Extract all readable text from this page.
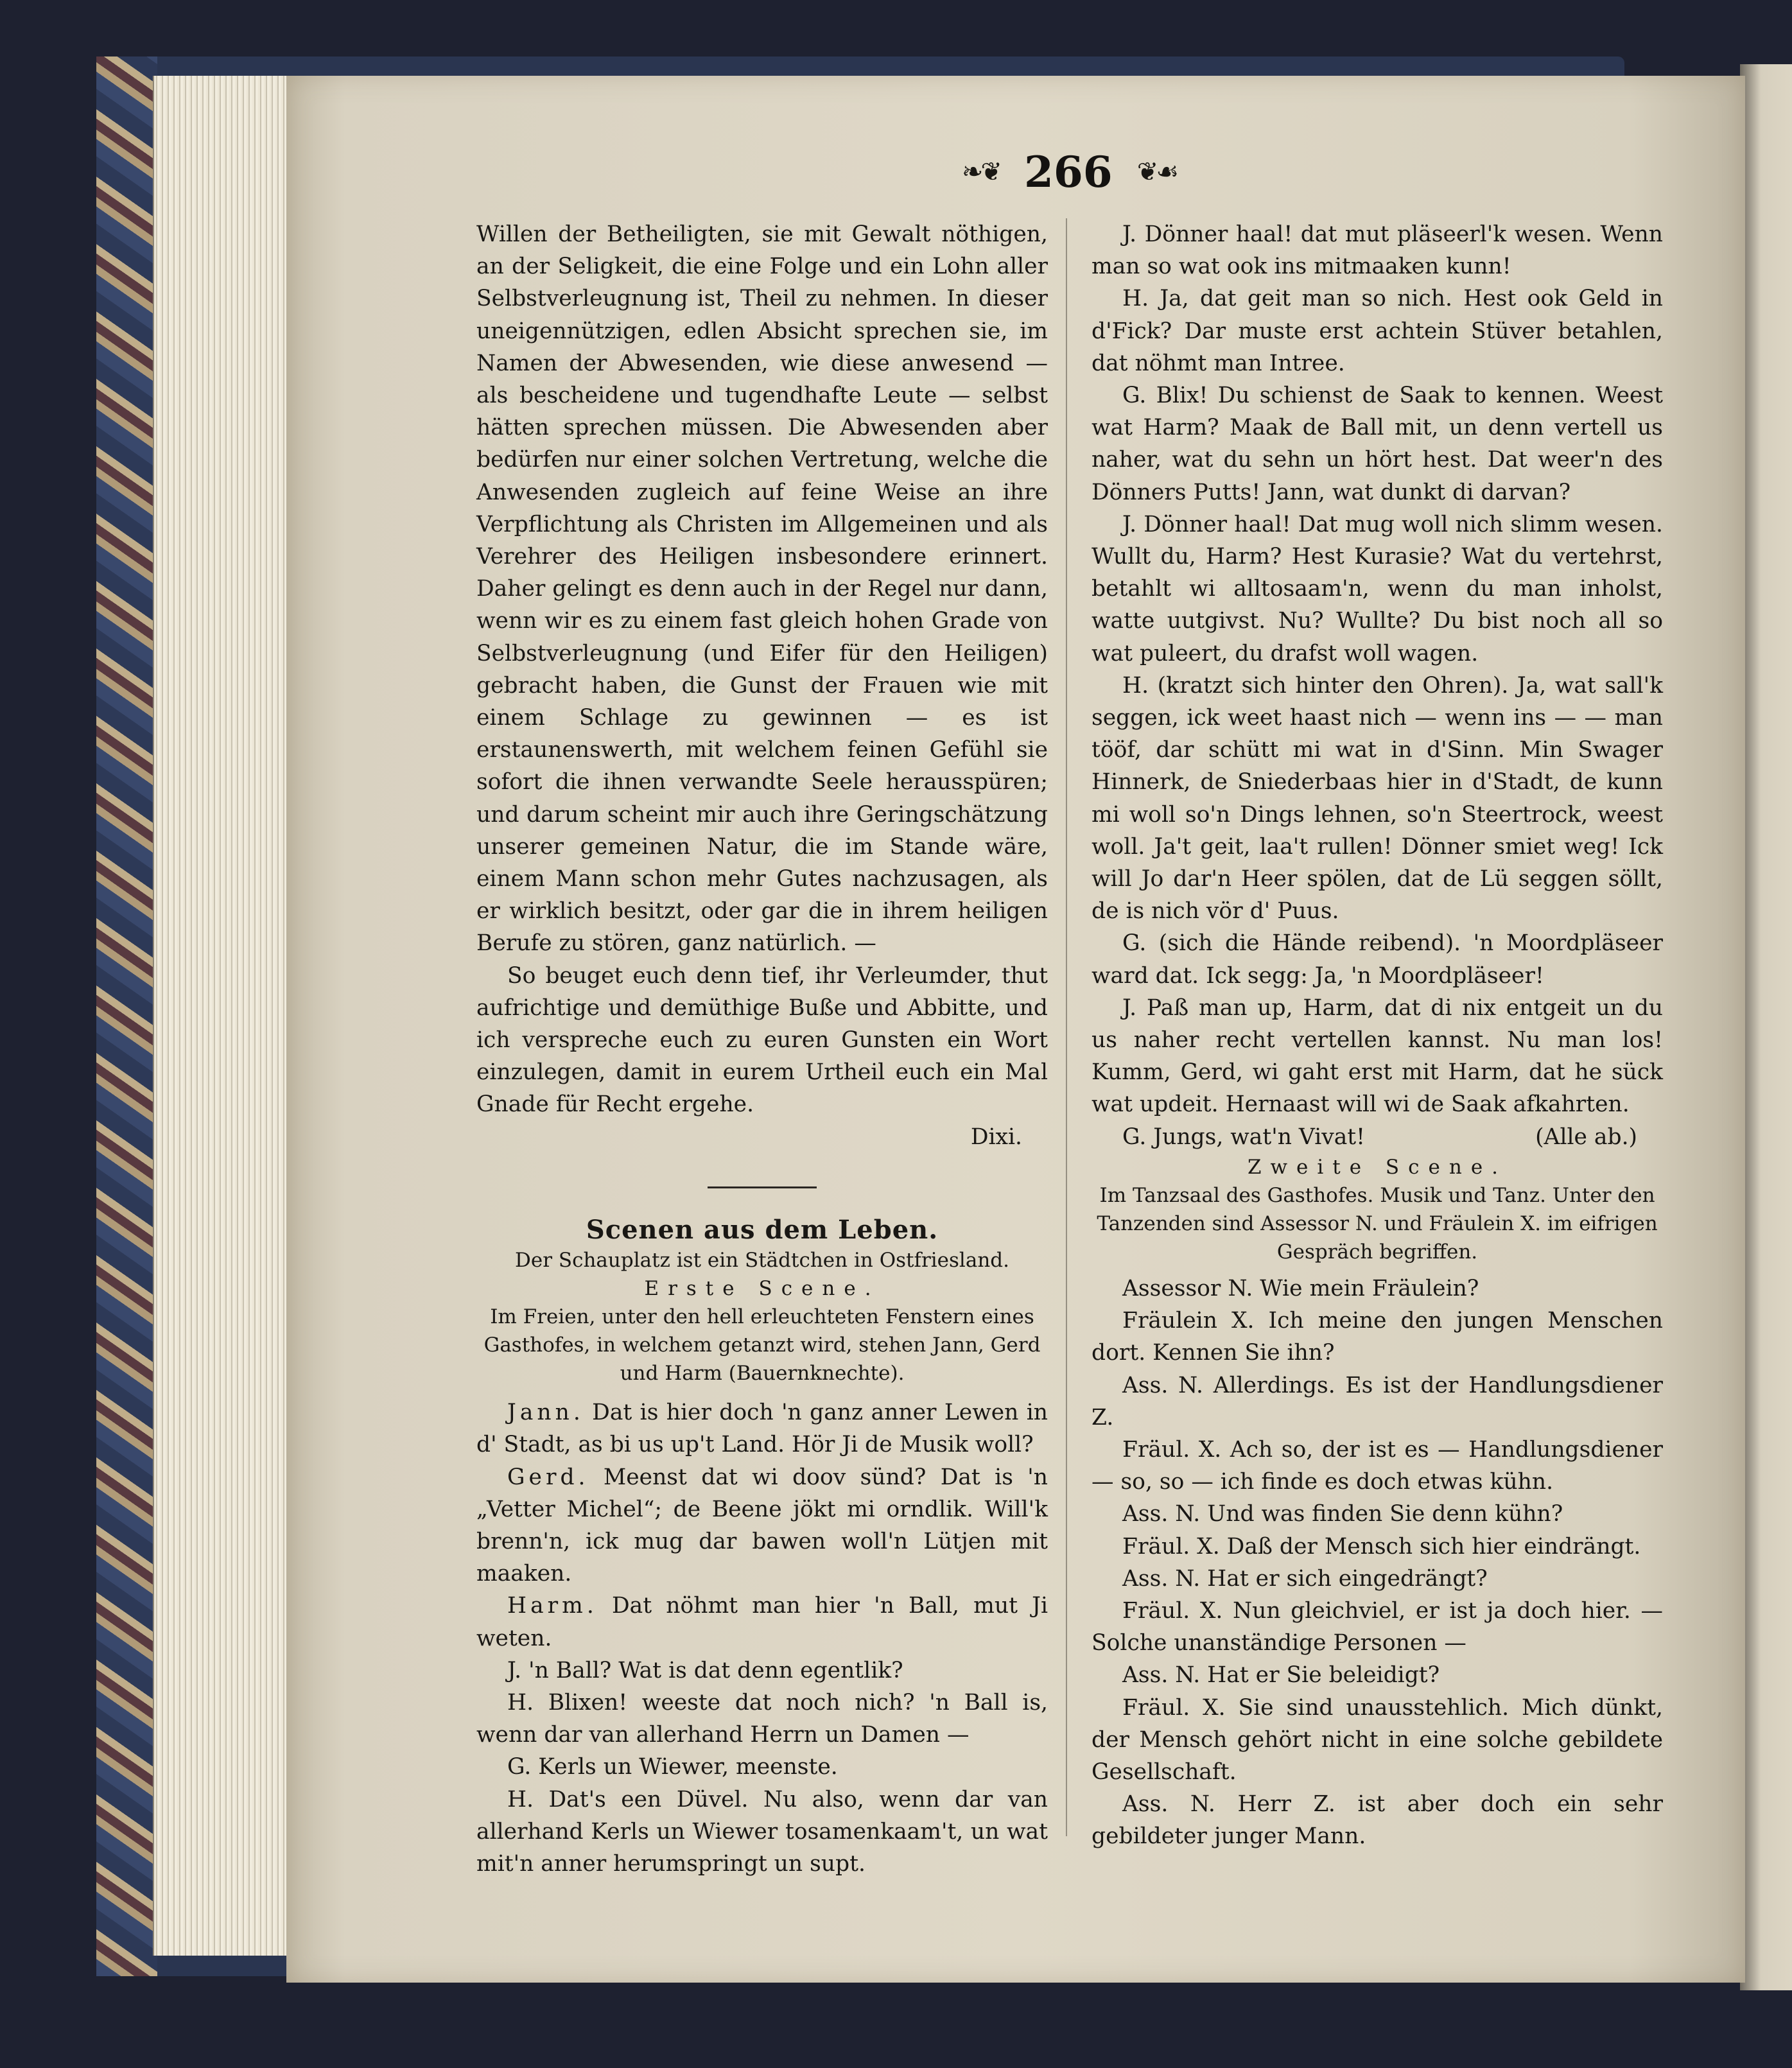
❧❦ 266 ❦☙

Willen der Betheiligten, sie mit Gewalt nöthigen, an der Seligkeit, die eine Folge und ein Lohn aller Selbstverleugnung ist, Theil zu nehmen. In dieser uneigennützigen, edlen Absicht sprechen sie, im Namen der Abwesenden, wie diese anwesend — als bescheidene und tugendhafte Leute — selbst hätten sprechen müssen. Die Abwesenden aber bedürfen nur einer solchen Vertretung, welche die Anwesenden zugleich auf feine Weise an ihre Verpflichtung als Christen im Allgemeinen und als Verehrer des Heiligen insbesondere erinnert. Daher gelingt es denn auch in der Regel nur dann, wenn wir es zu einem fast gleich hohen Grade von Selbstverleugnung (und Eifer für den Heiligen) gebracht haben, die Gunst der Frauen wie mit einem Schlage zu gewinnen — es ist erstaunenswerth, mit welchem feinen Gefühl sie sofort die ihnen verwandte Seele herausspüren; und darum scheint mir auch ihre Geringschätzung unserer gemeinen Natur, die im Stande wäre, einem Mann schon mehr Gutes nachzusagen, als er wirklich besitzt, oder gar die in ihrem heiligen Berufe zu stören, ganz natürlich. —

So beuget euch denn tief, ihr Verleumder, thut aufrichtige und demüthige Buße und Abbitte, und ich verspreche euch zu euren Gunsten ein Wort einzulegen, damit in eurem Urtheil euch ein Mal Gnade für Recht ergehe.

Dixi.

Scenen aus dem Leben.

Der Schauplatz ist ein Städtchen in Ostfriesland.

Erste Scene.

Im Freien, unter den hell erleuchteten Fenstern eines Gasthofes, in welchem getanzt wird, stehen Jann, Gerd und Harm (Bauernknechte).

Jann. Dat is hier doch 'n ganz anner Lewen in d' Stadt, as bi us up't Land. Hör Ji de Musik woll?

Gerd. Meenst dat wi doov sünd? Dat is 'n „Vetter Michel“; de Beene jökt mi orndlik. Will'k brenn'n, ick mug dar bawen woll'n Lütjen mit maaken.

Harm. Dat nöhmt man hier 'n Ball, mut Ji weten.

J. 'n Ball? Wat is dat denn egentlik?

H. Blixen! weeste dat noch nich? 'n Ball is, wenn dar van allerhand Herrn un Damen —

G. Kerls un Wiewer, meenste.

H. Dat's een Düvel. Nu also, wenn dar van allerhand Kerls un Wiewer tosamenkaam't, un wat mit'n anner herumspringt un supt.

J. Dönner haal! dat mut pläseerl'k wesen. Wenn man so wat ook ins mitmaaken kunn!

H. Ja, dat geit man so nich. Hest ook Geld in d'Fick? Dar muste erst achtein Stüver betahlen, dat nöhmt man Intree.

G. Blix! Du schienst de Saak to kennen. Weest wat Harm? Maak de Ball mit, un denn vertell us naher, wat du sehn un hört hest. Dat weer'n des Dönners Putts! Jann, wat dunkt di darvan?

J. Dönner haal! Dat mug woll nich slimm wesen. Wullt du, Harm? Hest Kurasie? Wat du vertehrst, betahlt wi alltosaam'n, wenn du man inholst, watte uutgivst. Nu? Wullte? Du bist noch all so wat puleert, du drafst woll wagen.

H. (kratzt sich hinter den Ohren). Ja, wat sall'k seggen, ick weet haast nich — wenn ins — — man tööf, dar schütt mi wat in d'Sinn. Min Swager Hinnerk, de Sniederbaas hier in d'Stadt, de kunn mi woll so'n Dings lehnen, so'n Steertrock, weest woll. Ja't geit, laa't rullen! Dönner smiet weg! Ick will Jo dar'n Heer spölen, dat de Lü seggen söllt, de is nich vör d' Puus.

G. (sich die Hände reibend). 'n Moordpläseer ward dat. Ick segg: Ja, 'n Moordpläseer!

J. Paß man up, Harm, dat di nix entgeit un du us naher recht vertellen kannst. Nu man los! Kumm, Gerd, wi gaht erst mit Harm, dat he sück wat updeit. Hernaast will wi de Saak afkahrten.

G. Jungs, wat'n Vivat!	(Alle ab.)

Zweite Scene.

Im Tanzsaal des Gasthofes. Musik und Tanz. Unter den Tanzenden sind Assessor N. und Fräulein X. im eifrigen Gespräch begriffen.

Assessor N. Wie mein Fräulein?

Fräulein X. Ich meine den jungen Menschen dort. Kennen Sie ihn?

Ass. N. Allerdings. Es ist der Handlungsdiener Z.

Fräul. X. Ach so, der ist es — Handlungsdiener — so, so — ich finde es doch etwas kühn.

Ass. N. Und was finden Sie denn kühn?

Fräul. X. Daß der Mensch sich hier eindrängt.

Ass. N. Hat er sich eingedrängt?

Fräul. X. Nun gleichviel, er ist ja doch hier. — Solche unanständige Personen —

Ass. N. Hat er Sie beleidigt?

Fräul. X. Sie sind unausstehlich. Mich dünkt, der Mensch gehört nicht in eine solche gebildete Gesellschaft.

Ass. N. Herr Z. ist aber doch ein sehr gebildeter junger Mann.
